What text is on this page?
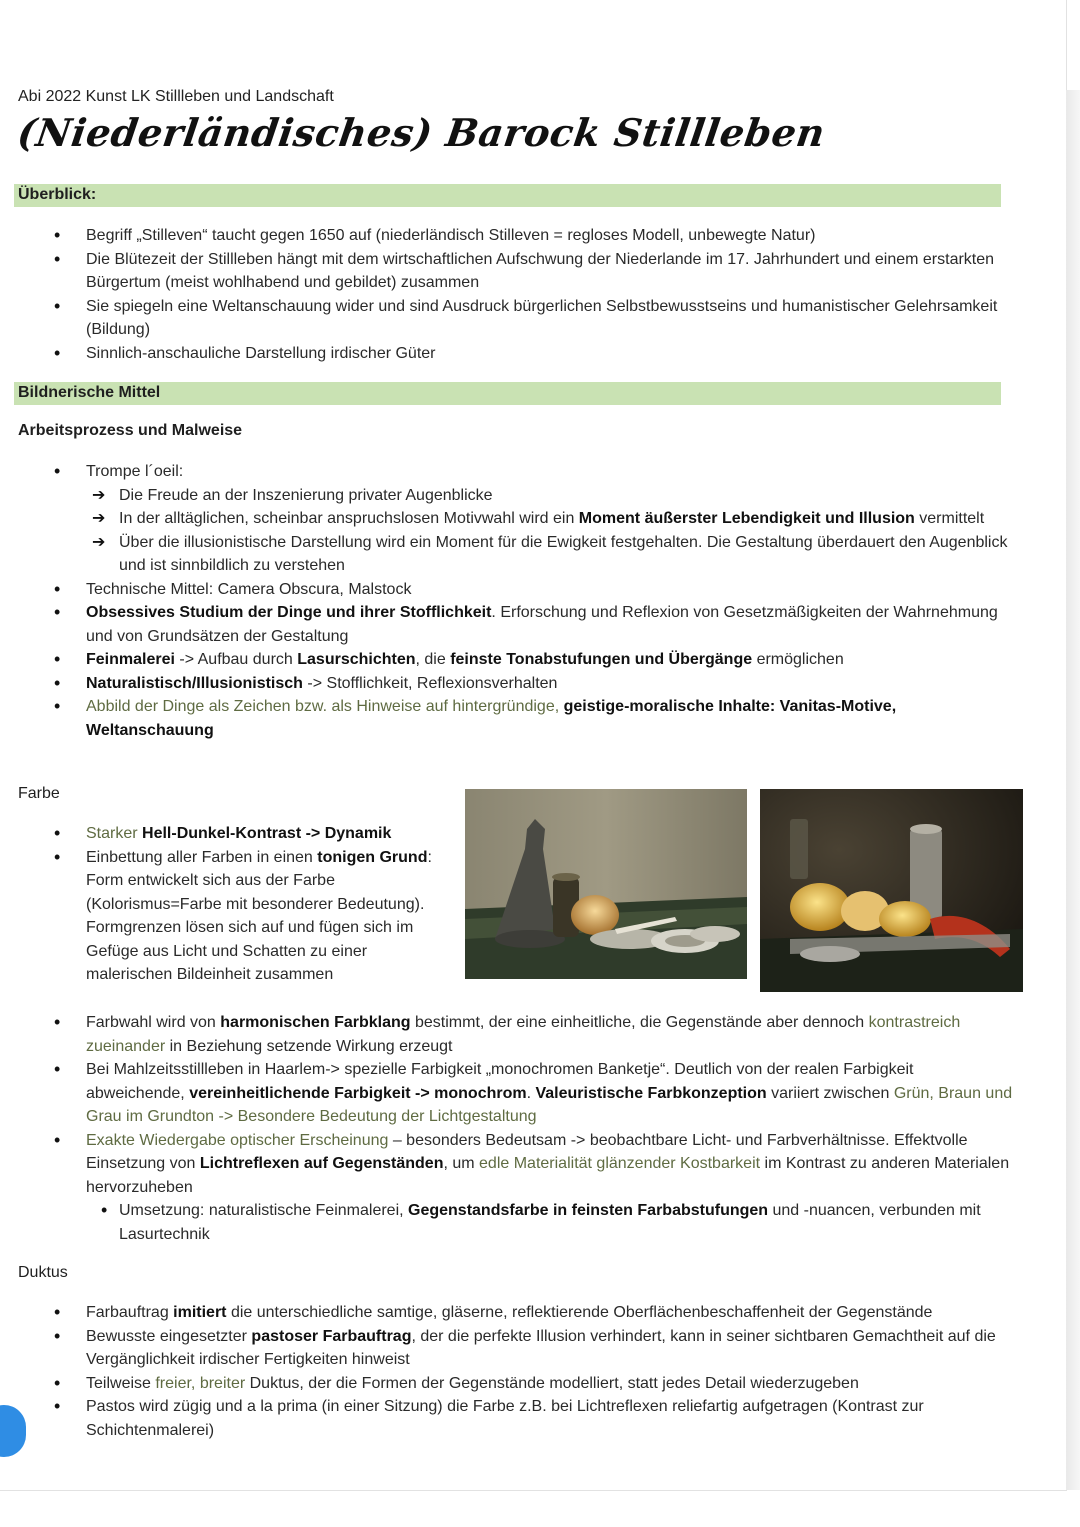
Abi 2022 Kunst LK Stillleben und Landschaft
(Niederländisches) Barock Stillleben
Überblick:
• Begriff „Stilleven“ taucht gegen 1650 auf (niederländisch Stilleven = regloses Modell, unbewegte Natur)
• Die Blütezeit der Stillleben hängt mit dem wirtschaftlichen Aufschwung der Niederlande im 17. Jahrhundert und einem erstarkten Bürgertum (meist wohlhabend und gebildet) zusammen
• Sie spiegeln eine Weltanschauung wider und sind Ausdruck bürgerlichen Selbstbewusstseins und humanistischer Gelehrsamkeit (Bildung)
• Sinnlich-anschauliche Darstellung irdischer Güter
Bildnerische Mittel
Arbeitsprozess und Malweise
• Trompe l´oeil:
➔ Die Freude an der Inszenierung privater Augenblicke
➔ In der alltäglichen, scheinbar anspruchslosen Motivwahl wird ein Moment äußerster Lebendigkeit und Illusion vermittelt
➔ Über die illusionistische Darstellung wird ein Moment für die Ewigkeit festgehalten. Die Gestaltung überdauert den Augenblick und ist sinnbildlich zu verstehen
• Technische Mittel: Camera Obscura, Malstock
• Obsessives Studium der Dinge und ihrer Stofflichkeit. Erforschung und Reflexion von Gesetzmäßigkeiten der Wahrnehmung und von Grundsätzen der Gestaltung
• Feinmalerei -> Aufbau durch Lasurschichten, die feinste Tonabstufungen und Übergänge ermöglichen
• Naturalistisch/Illusionistisch -> Stofflichkeit, Reflexionsverhalten
• Abbild der Dinge als Zeichen bzw. als Hinweise auf hintergründige, geistige-moralische Inhalte: Vanitas-Motive, Weltanschauung
Farbe
• Starker Hell-Dunkel-Kontrast -> Dynamik
• Einbettung aller Farben in einen tonigen Grund: Form entwickelt sich aus der Farbe (Kolorismus=Farbe mit besonderer Bedeutung). Formgrenzen lösen sich auf und fügen sich im Gefüge aus Licht und Schatten zu einer malerischen Bildeinheit zusammen
• Farbwahl wird von harmonischen Farbklang bestimmt, der eine einheitliche, die Gegenstände aber dennoch kontrastreich zueinander in Beziehung setzende Wirkung erzeugt
• Bei Mahlzeitsstillleben in Haarlem-> spezielle Farbigkeit „monochromen Banketje“. Deutlich von der realen Farbigkeit abweichende, vereinheitlichende Farbigkeit -> monochrom. Valeuristische Farbkonzeption variiert zwischen Grün, Braun und Grau im Grundton -> Besondere Bedeutung der Lichtgestaltung
• Exakte Wiedergabe optischer Erscheinung – besonders Bedeutsam -> beobachtbare Licht- und Farbverhältnisse. Effektvolle Einsetzung von Lichtreflexen auf Gegenständen, um edle Materialität glänzender Kostbarkeit im Kontrast zu anderen Materialen hervorzuheben
• Umsetzung: naturalistische Feinmalerei, Gegenstandsfarbe in feinsten Farbabstufungen und -nuancen, verbunden mit Lasurtechnik
Duktus
• Farbauftrag imitiert die unterschiedliche samtige, gläserne, reflektierende Oberflächenbeschaffenheit der Gegenstände
• Bewusste eingesetzter pastoser Farbauftrag, der die perfekte Illusion verhindert, kann in seiner sichtbaren Gemachtheit auf die Vergänglichkeit irdischer Fertigkeiten hinweist
• Teilweise freier, breiter Duktus, der die Formen der Gegenstände modelliert, statt jedes Detail wiederzugeben
• Pastos wird zügig und a la prima (in einer Sitzung) die Farbe z.B. bei Lichtreflexen reliefartig aufgetragen (Kontrast zur Schichtenmalerei)
